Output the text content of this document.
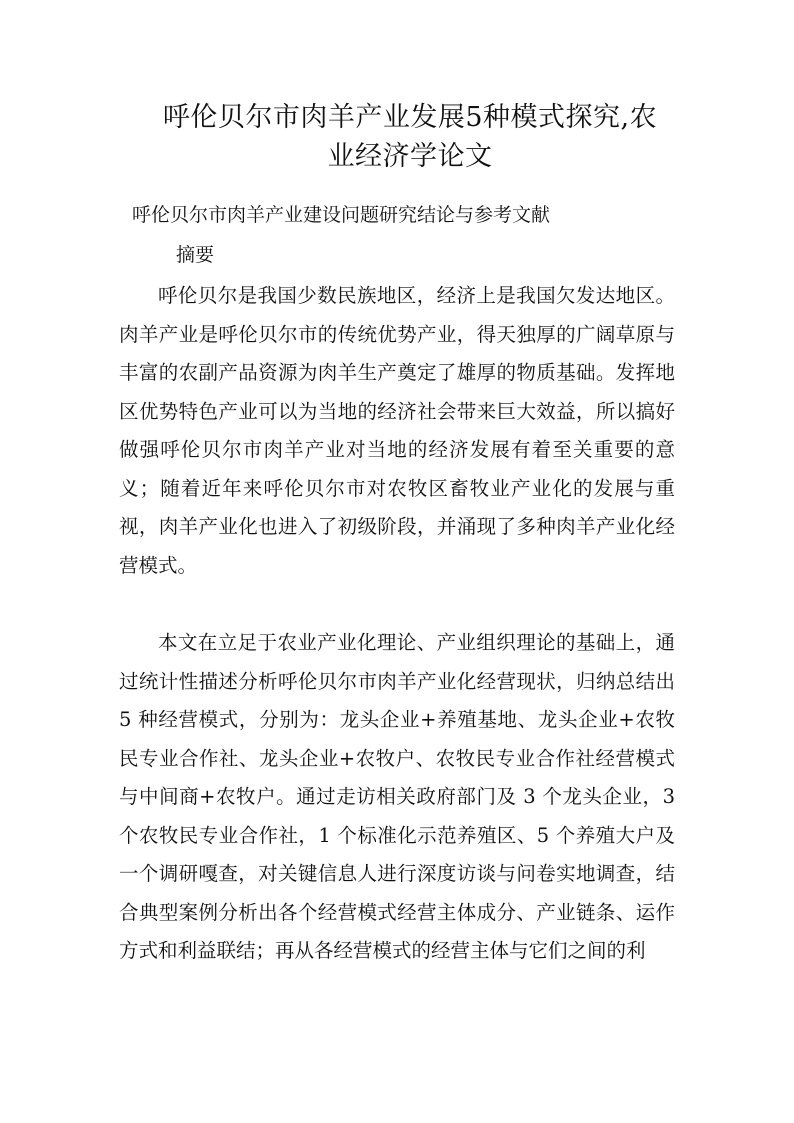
呼伦贝尔市肉羊产业发展5种模式探究,农业经济学论文
呼伦贝尔市肉羊产业建设问题研究结论与参考文献
摘要

呼伦贝尔是我国少数民族地区，经济上是我国欠发达地区。肉羊产业是呼伦贝尔市的传统优势产业，得天独厚的广阔草原与丰富的农副产品资源为肉羊生产奠定了雄厚的物质基础。发挥地区优势特色产业可以为当地的经济社会带来巨大效益，所以搞好做强呼伦贝尔市肉羊产业对当地的经济发展有着至关重要的意义；随着近年来呼伦贝尔市对农牧区畜牧业产业化的发展与重视，肉羊产业化也进入了初级阶段，并涌现了多种肉羊产业化经营模式。

本文在立足于农业产业化理论、产业组织理论的基础上，通过统计性描述分析呼伦贝尔市肉羊产业化经营现状，归纳总结出 5 种经营模式，分别为：龙头企业+养殖基地、龙头企业+农牧民专业合作社、龙头企业+农牧户、农牧民专业合作社经营模式与中间商+农牧户。通过走访相关政府部门及 3 个龙头企业，3 个农牧民专业合作社，1 个标准化示范养殖区、5 个养殖大户及一个调研嘎查，对关键信息人进行深度访谈与问卷实地调查，结合典型案例分析出各个经营模式经营主体成分、产业链条、运作方式和利益联结；再从各经营模式的经营主体与它们之间的利
